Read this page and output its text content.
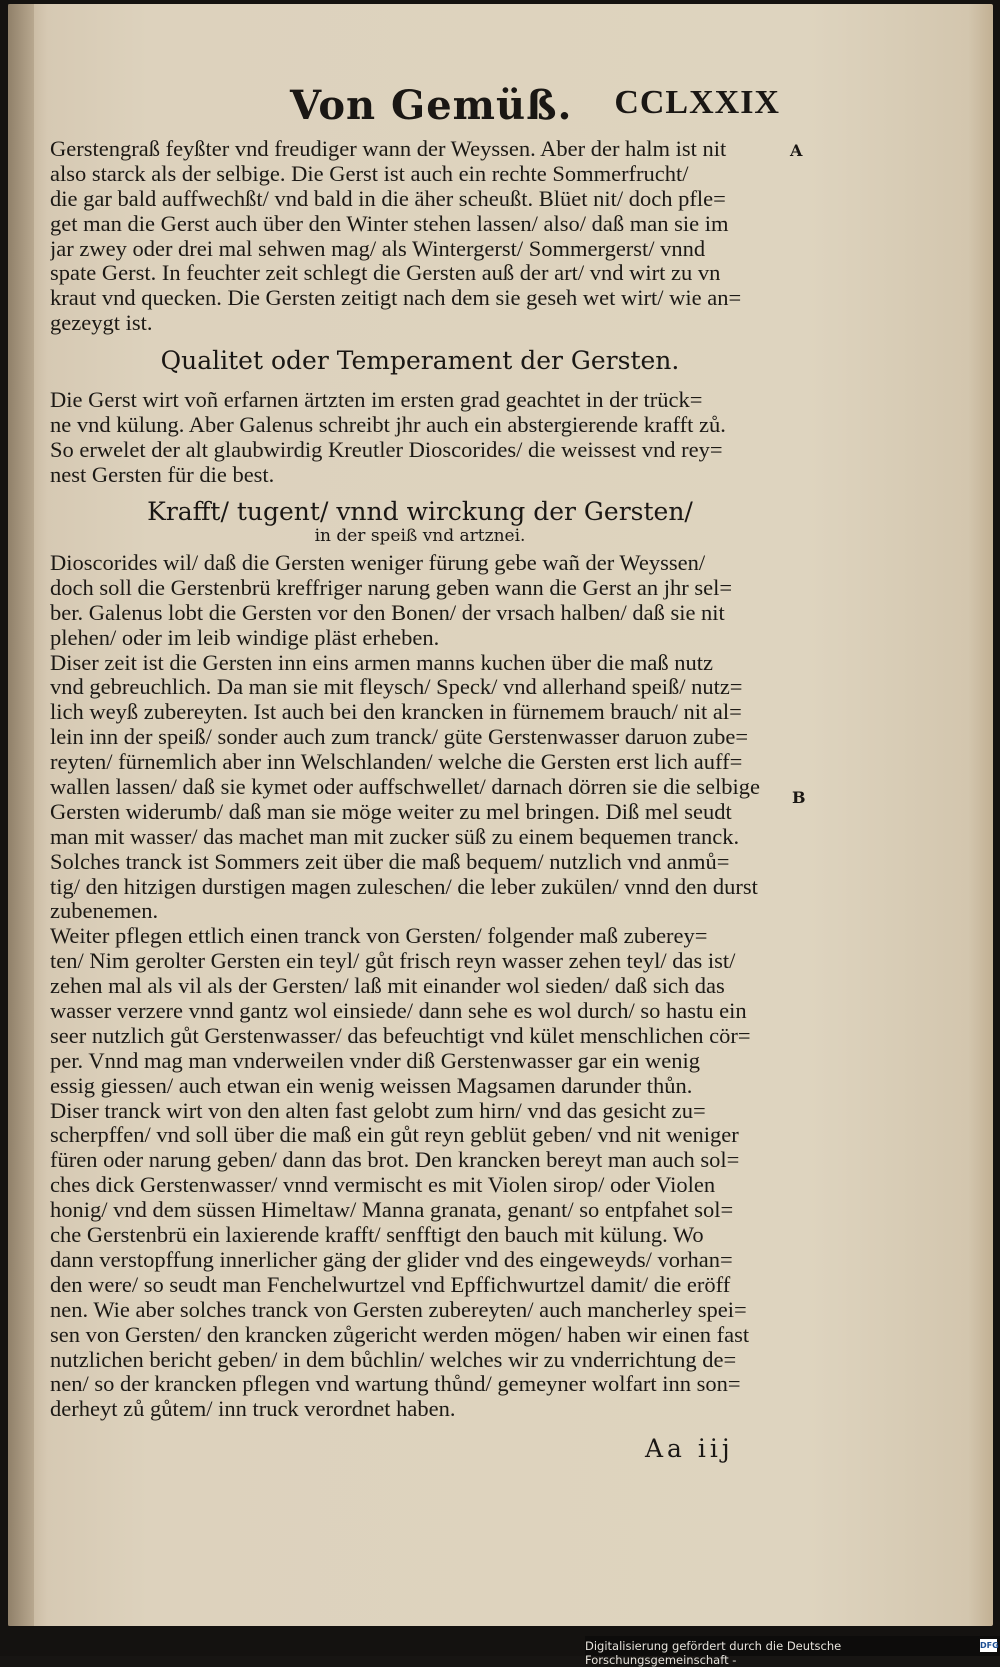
Von Gemüß. CCLXXIX
A
B
Gerstengraß feyßter vnd freudiger wann der Weyssen. Aber der halm ist nit
also starck als der selbige. Die Gerst ist auch ein rechte Sommerfrucht/
die gar bald auffwechßt/ vnd bald in die äher scheußt. Blüet nit/ doch pfle=
get man die Gerst auch über den Winter stehen lassen/ also/ daß man sie im
jar zwey oder drei mal sehwen mag/ als Wintergerst/ Sommergerst/ vnnd
spate Gerst. In feuchter zeit schlegt die Gersten auß der art/ vnd wirt zu vn
kraut vnd quecken. Die Gersten zeitigt nach dem sie geseh wet wirt/ wie an=
gezeygt ist.
Qualitet oder Temperament der Gersten.
Die Gerst wirt voñ erfarnen ärtzten im ersten grad geachtet in der trück=
ne vnd külung. Aber Galenus schreibt jhr auch ein abstergierende krafft zů.
So erwelet der alt glaubwirdig Kreutler Dioscorides/ die weissest vnd rey=
nest Gersten für die best.
Krafft/ tugent/ vnnd wirckung der Gersten/
in der speiß vnd artznei.
Dioscorides wil/ daß die Gersten weniger fürung gebe wañ der Weyssen/
doch soll die Gerstenbrü kreffriger narung geben wann die Gerst an jhr sel=
ber. Galenus lobt die Gersten vor den Bonen/ der vrsach halben/ daß sie nit
plehen/ oder im leib windige pläst erheben.
Diser zeit ist die Gersten inn eins armen manns kuchen über die maß nutz
vnd gebreuchlich. Da man sie mit fleysch/ Speck/ vnd allerhand speiß/ nutz=
lich weyß zubereyten. Ist auch bei den krancken in fürnemem brauch/ nit al=
lein inn der speiß/ sonder auch zum tranck/ güte Gerstenwasser daruon zube=
reyten/ fürnemlich aber inn Welschlanden/ welche die Gersten erst lich auff=
wallen lassen/ daß sie kymet oder auffschwellet/ darnach dörren sie die selbige
Gersten widerumb/ daß man sie möge weiter zu mel bringen. Diß mel seudt
man mit wasser/ das machet man mit zucker süß zu einem bequemen tranck.
Solches tranck ist Sommers zeit über die maß bequem/ nutzlich vnd anmů=
tig/ den hitzigen durstigen magen zuleschen/ die leber zukülen/ vnnd den durst
zubenemen.
Weiter pflegen ettlich einen tranck von Gersten/ folgender maß zuberey=
ten/ Nim gerolter Gersten ein teyl/ gůt frisch reyn wasser zehen teyl/ das ist/
zehen mal als vil als der Gersten/ laß mit einander wol sieden/ daß sich das
wasser verzere vnnd gantz wol einsiede/ dann sehe es wol durch/ so hastu ein
seer nutzlich gůt Gerstenwasser/ das befeuchtigt vnd kület menschlichen cör=
per. Vnnd mag man vnderweilen vnder diß Gerstenwasser gar ein wenig
essig giessen/ auch etwan ein wenig weissen Magsamen darunder thůn.
Diser tranck wirt von den alten fast gelobt zum hirn/ vnd das gesicht zu=
scherpffen/ vnd soll über die maß ein gůt reyn geblüt geben/ vnd nit weniger
füren oder narung geben/ dann das brot. Den krancken bereyt man auch sol=
ches dick Gerstenwasser/ vnnd vermischt es mit Violen sirop/ oder Violen
honig/ vnd dem süssen Himeltaw/ Manna granata, genant/ so entpfahet sol=
che Gerstenbrü ein laxierende krafft/ senfftigt den bauch mit külung. Wo
dann verstopffung innerlicher gäng der glider vnd des eingeweyds/ vorhan=
den were/ so seudt man Fenchelwurtzel vnd Epffichwurtzel damit/ die eröff
nen. Wie aber solches tranck von Gersten zubereyten/ auch mancherley spei=
sen von Gersten/ den krancken zůgericht werden mögen/ haben wir einen fast
nutzlichen bericht geben/ in dem bůchlin/ welches wir zu vnderrichtung de=
nen/ so der krancken pflegen vnd wartung thůnd/ gemeyner wolfart inn son=
derheyt zů gůtem/ inn truck verordnet haben.
Aa iij
Digitalisierung gefördert durch die Deutsche Forschungsgemeinschaft -
DFG
